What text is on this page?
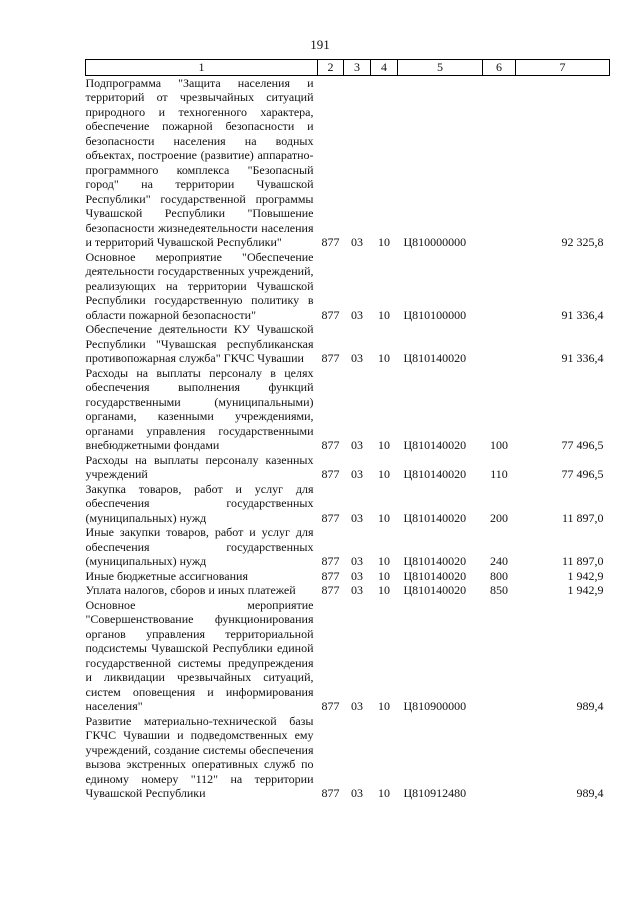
191
1	2	3	4	5	6	7
Подпрограмма "Защита населения и территорий от чрезвычайных ситуаций природного и техногенного характера, обеспечение пожарной безопасности и безопасности населения на водных объектах, построение (развитие) аппаратно-программного комплекса "Безопасный город" на территории Чувашской Республики" государственной программы Чувашской Республики "Повышение безопасности жизнедеятельности населения и территорий Чувашской Республики"	877	03	10	Ц810000000		92 325,8
Основное мероприятие "Обеспечение деятельности государственных учреждений, реализующих на территории Чувашской Республики государственную политику в области пожарной безопасности"	877	03	10	Ц810100000		91 336,4
Обеспечение деятельности КУ Чувашской Республики "Чувашская республиканская противопожарная служба" ГКЧС Чувашии	877	03	10	Ц810140020		91 336,4
Расходы на выплаты персоналу в целях обеспечения выполнения функций государственными (муниципальными) органами, казенными учреждениями, органами управления государственными внебюджетными фондами	877	03	10	Ц810140020	100	77 496,5
Расходы на выплаты персоналу казенных учреждений	877	03	10	Ц810140020	110	77 496,5
Закупка товаров, работ и услуг для обеспечения государственных (муниципальных) нужд	877	03	10	Ц810140020	200	11 897,0
Иные закупки товаров, работ и услуг для обеспечения государственных (муниципальных) нужд	877	03	10	Ц810140020	240	11 897,0
Иные бюджетные ассигнования	877	03	10	Ц810140020	800	1 942,9
Уплата налогов, сборов и иных платежей	877	03	10	Ц810140020	850	1 942,9
Основное мероприятие "Совершенствование функционирования органов управления территориальной подсистемы Чувашской Республики единой государственной системы предупреждения и ликвидации чрезвычайных ситуаций, систем оповещения и информирования населения"	877	03	10	Ц810900000		989,4
Развитие материально-технической базы ГКЧС Чувашии и подведомственных ему учреждений, создание системы обеспечения вызова экстренных оперативных служб по единому номеру "112" на территории Чувашской Республики	877	03	10	Ц810912480		989,4
